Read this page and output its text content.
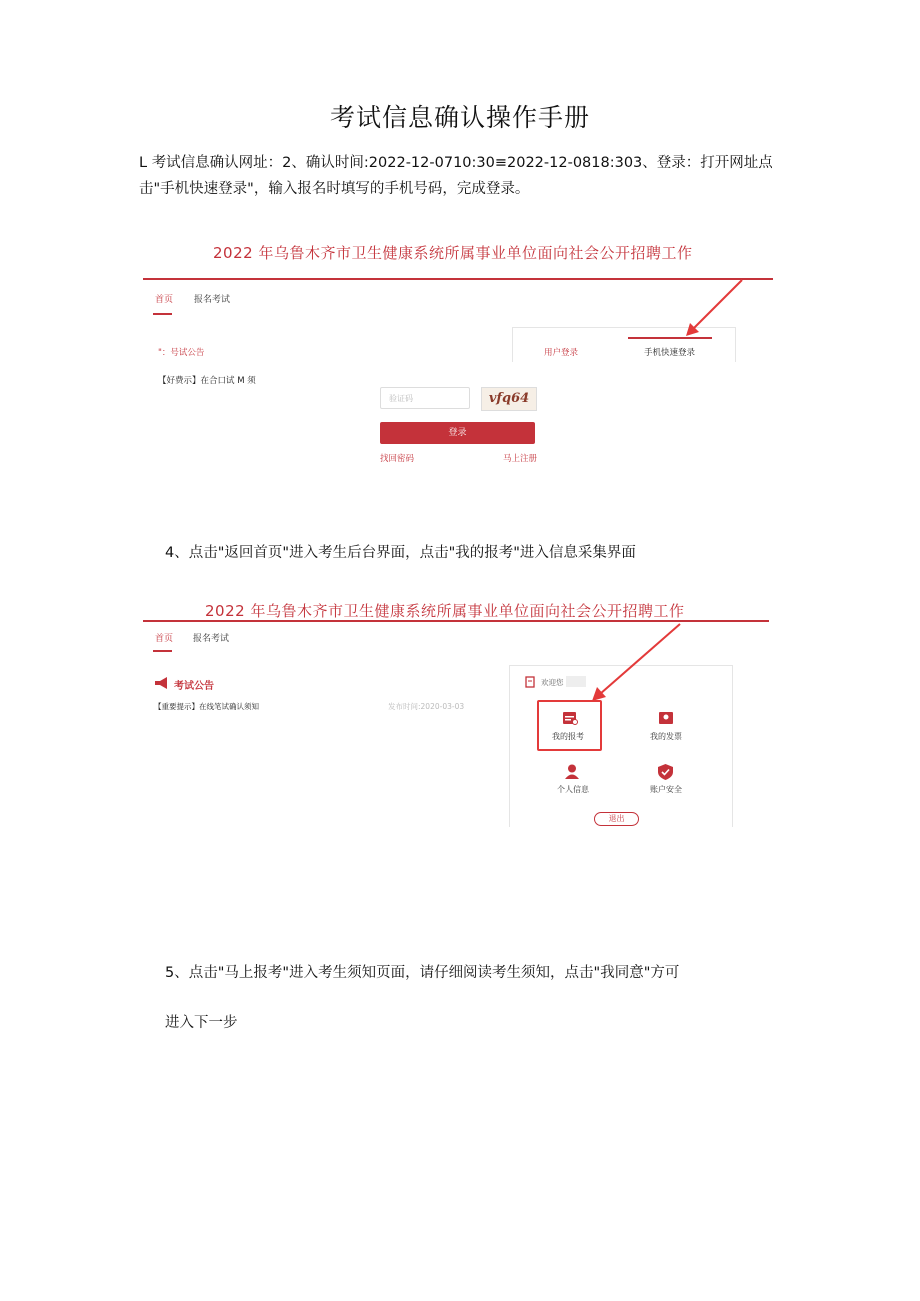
考试信息确认操作手册
L 考试信息确认网址：2、确认时间:2022-12-0710:30≡2022-12-0818:303、登录：打开网址点击"手机快速登录"，输入报名时填写的手机号码，完成登录。
2022 年乌鲁木齐市卫生健康系统所属事业单位面向社会公开招聘工作
首页 报名考试
"：号试公告
【好费示】在合口试 M 须
用户登录	手机快速登录
验证码	vfq64
登录
找回密码	马上注册
4、点击"返回首页"进入考生后台界面，点击"我的报考"进入信息采集界面
2022 年乌鲁木齐市卫生健康系统所属事业单位面向社会公开招聘工作
首页 报名考试
考试公告
【重要提示】在线笔试确认须知	发布时间:2020-03-03
欢迎您
我的报考	我的发票
个人信息	账户安全
退出
5、点击"马上报考"进入考生须知页面，请仔细阅读考生须知，点击"我同意"方可
进入下一步
